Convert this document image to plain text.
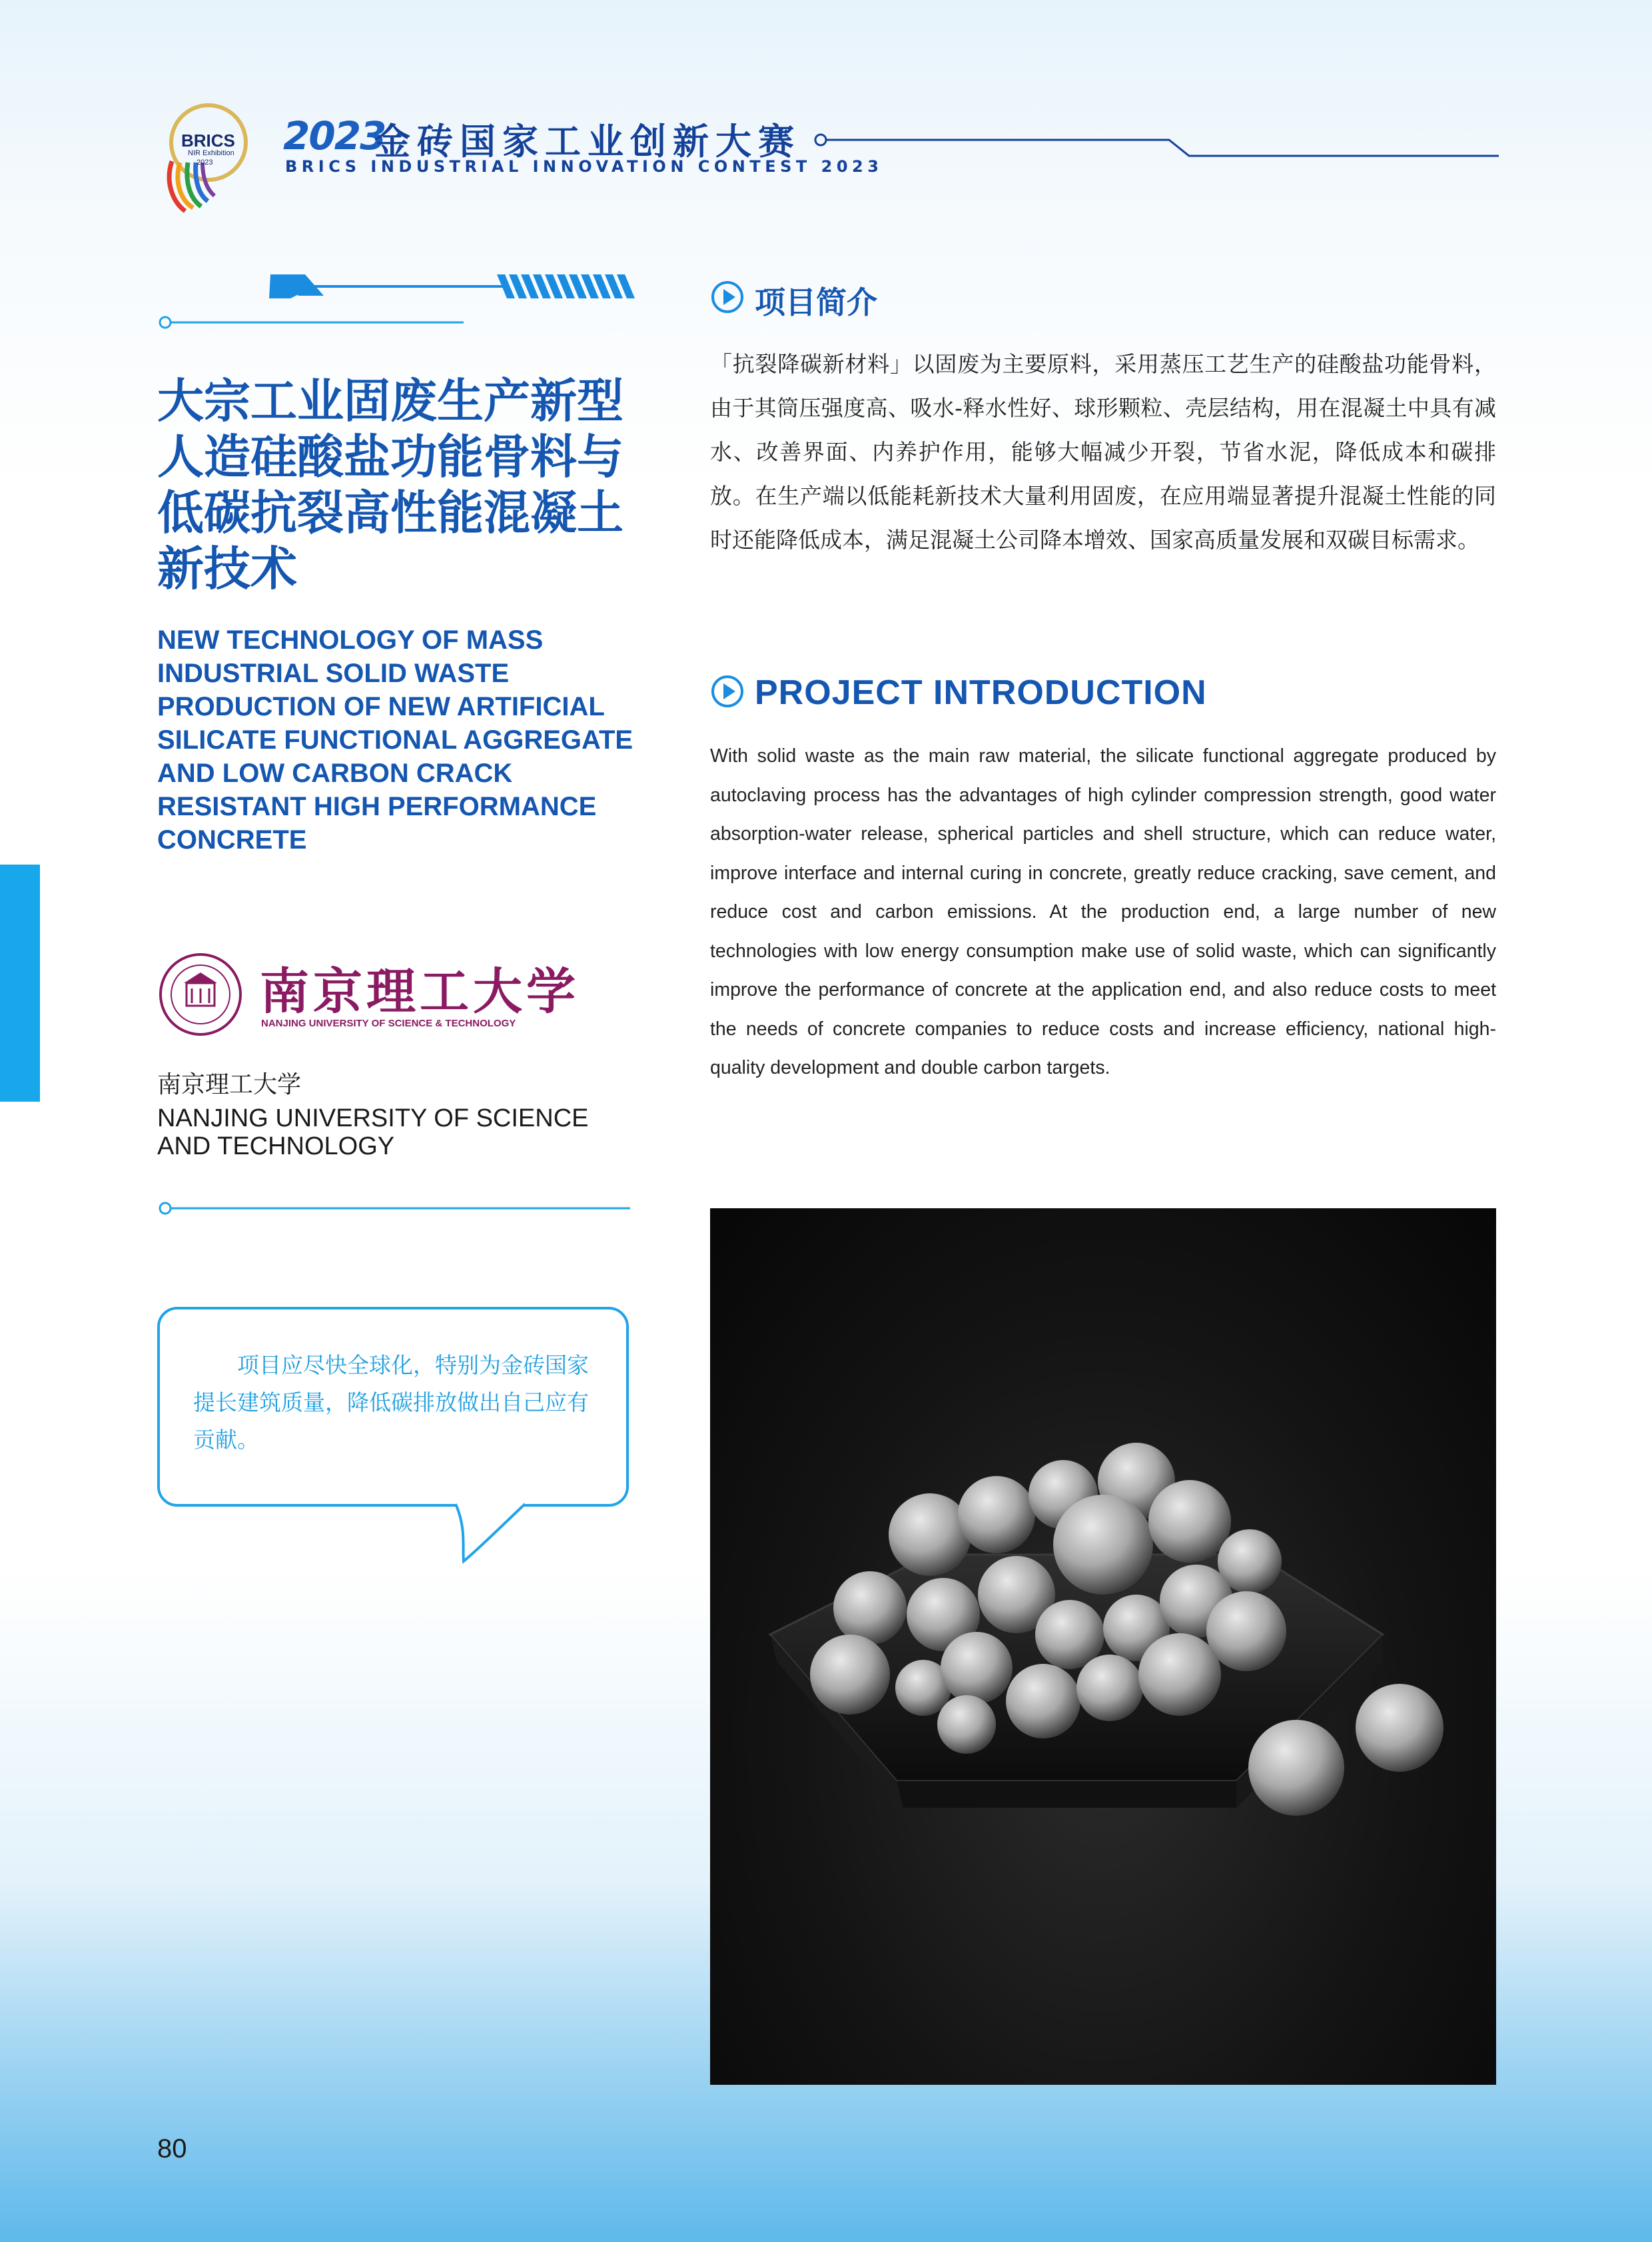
BRICS
NIR Exhibition
2023
2023
金砖国家工业创新大赛
BRICS INDUSTRIAL INNOVATION CONTEST 2023
大宗工业固废生产新型人造硅酸盐功能骨料与低碳抗裂高性能混凝土新技术
NEW TECHNOLOGY OF MASS INDUSTRIAL SOLID WASTE PRODUCTION OF NEW ARTIFICIAL SILICATE FUNCTIONAL AGGREGATE AND LOW CARBON CRACK RESISTANT HIGH PERFORMANCE CONCRETE
南京理工大学
NANJING UNIVERSITY OF SCIENCE & TECHNOLOGY
南京理工大学
NANJING UNIVERSITY OF SCIENCE AND TECHNOLOGY
项目应尽快全球化，特别为金砖国家提长建筑质量，降低碳排放做出自己应有贡献。
项目简介
「抗裂降碳新材料」以固废为主要原料，采用蒸压工艺生产的硅酸盐功能骨料，由于其筒压强度高、吸水-释水性好、球形颗粒、壳层结构，用在混凝土中具有减水、改善界面、内养护作用，能够大幅减少开裂，节省水泥，降低成本和碳排放。在生产端以低能耗新技术大量利用固废，在应用端显著提升混凝土性能的同时还能降低成本，满足混凝土公司降本增效、国家高质量发展和双碳目标需求。
PROJECT INTRODUCTION
With solid waste as the main raw material, the silicate functional aggregate produced by autoclaving process has the advantages of high cylinder compression strength, good water absorption-water release, spherical particles and shell structure, which can reduce water, improve interface and internal curing in concrete, greatly reduce cracking, save cement, and reduce cost and carbon emissions. At the production end, a large number of new technologies with low energy consumption make use of solid waste, which can significantly improve the performance of concrete at the application end, and also reduce costs to meet the needs of concrete companies to reduce costs and increase efficiency, national high-quality development and double carbon targets.
80
